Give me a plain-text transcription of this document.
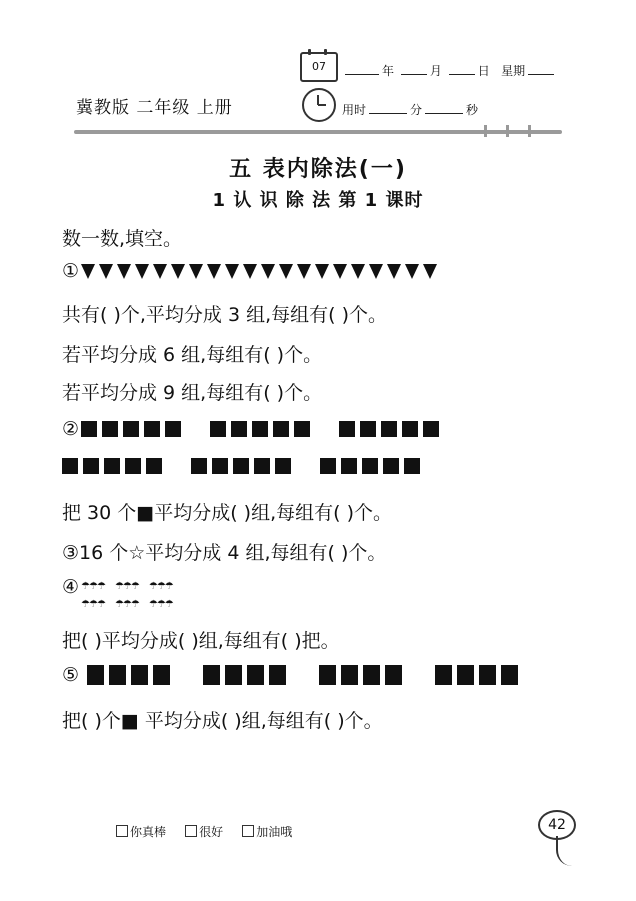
07	年	月	日 星期
冀教版 二年级 上册	用时	分	秒
五 表内除法(一)
1 认 识 除 法 第 1 课时
数一数,填空。
①
共有( )个,平均分成 3 组,每组有( )个。
若平均分成 6 组,每组有( )个。
若平均分成 9 组,每组有( )个。
②
把 30 个■平均分成( )组,每组有( )个。
③16 个☆平均分成 4 组,每组有( )个。
④ ☂☂☂ ☂☂☂ ☂☂☂
☂☂☂ ☂☂☂ ☂☂☂
把( )平均分成( )组,每组有( )把。
⑤
把( )个■ 平均分成( )组,每组有( )个。
你真棒	很好	加油哦	42
